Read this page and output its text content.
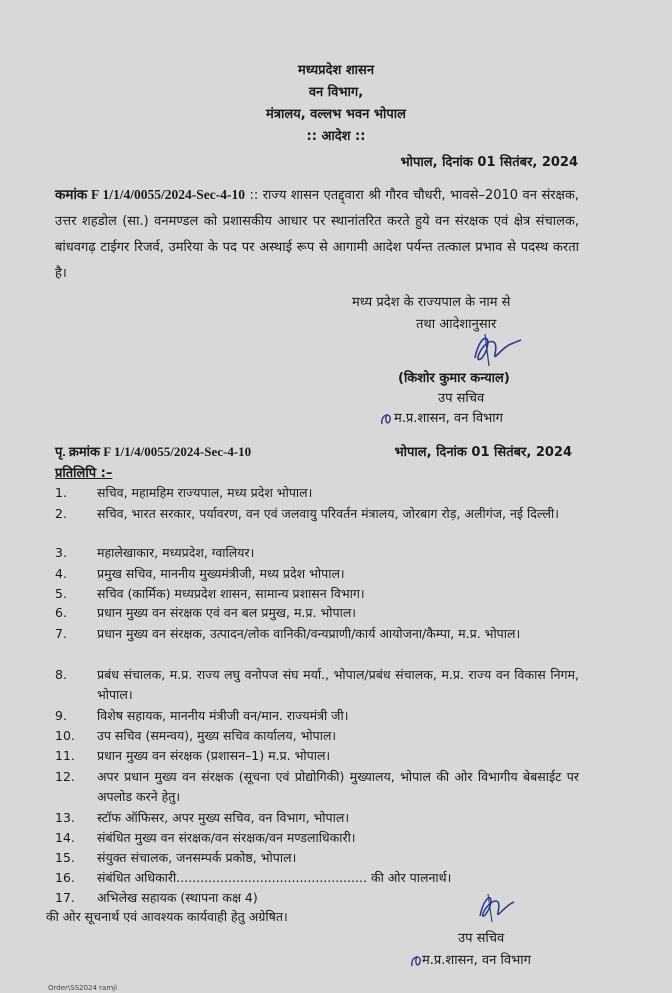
मध्यप्रदेश शासन
वन विभाग,
मंत्रालय, वल्लभ भवन भोपाल
:: आदेश ::
भोपाल, दिनांक 01 सितंबर, 2024
कमांक F 1/1/4/0055/2024-Sec-4-10 :: राज्य शासन एतद्द्वारा श्री गौरव चौधरी, भावसे–2010 वन संरक्षक, उत्तर शहडोल (सा.) वनमण्डल को प्रशासकीय आधार पर स्थानांतरित करते हुये वन संरक्षक एवं क्षेत्र संचालक, बांधवगढ़ टाईगर रिजर्व, उमरिया के पद पर अस्थाई रूप से आगामी आदेश पर्यन्त तत्काल प्रभाव से पदस्थ करता है।
मध्य प्रदेश के राज्यपाल के नाम से
तथा आदेशानुसार
(किशोर कुमार कन्याल)
उप सचिव
म.प्र.शासन, वन विभाग
पृ. क्रमांक F 1/1/4/0055/2024-Sec-4-10	भोपाल, दिनांक 01 सितंबर, 2024
प्रतिलिपि :–
1.	सचिव, महामहिम राज्यपाल, मध्य प्रदेश भोपाल।
2.	सचिव, भारत सरकार, पर्यावरण, वन एवं जलवायु परिवर्तन मंत्रालय, जोरबाग रोड़, अलीगंज, नई दिल्ली।
3.	महालेखाकार, मध्यप्रदेश, ग्वालियर।
4.	प्रमुख सचिव, माननीय मुख्यमंत्रीजी, मध्य प्रदेश भोपाल।
5.	सचिव (कार्मिक) मध्यप्रदेश शासन, सामान्य प्रशासन विभाग।
6.	प्रधान मुख्य वन संरक्षक एवं वन बल प्रमुख, म.प्र. भोपाल।
7.	प्रधान मुख्य वन संरक्षक, उत्पादन/लोक वानिकी/वन्यप्राणी/कार्य आयोजना/कैम्पा, म.प्र. भोपाल।
8.	प्रबंध संचालक, म.प्र. राज्य लघु वनोपज संघ मर्या., भोपाल/प्रबंध संचालक, म.प्र. राज्य वन विकास निगम, भोपाल।
9.	विशेष सहायक, माननीय मंत्रीजी वन/मान. राज्यमंत्री जी।
10.	उप सचिव (समन्वय), मुख्य सचिव कार्यालय, भोपाल।
11.	प्रधान मुख्य वन संरक्षक (प्रशासन–1) म.प्र. भोपाल।
12.	अपर प्रधान मुख्य वन संरक्षक (सूचना एवं प्रोद्योगिकी) मुख्यालय, भोपाल की ओर विभागीय बेबसाईट पर अपलोड करने हेतु।
13.	स्टॉफ ऑफिसर, अपर मुख्य सचिव, वन विभाग, भोपाल।
14.	संबंधित मुख्य वन संरक्षक/वन संरक्षक/वन मण्डलाधिकारी।
15.	संयुक्त संचालक, जनसम्पर्क प्रकोष्ठ, भोपाल।
16.	संबंधित अधिकारी................................................ की ओर पालनार्थ।
17.	अभिलेख सहायक (स्थापना कक्ष 4)
की ओर सूचनार्थ एवं आवश्यक कार्यवाही हेतु अग्रेषित।
उप सचिव
म.प्र.शासन, वन विभाग
Order\SS2024 ramji
